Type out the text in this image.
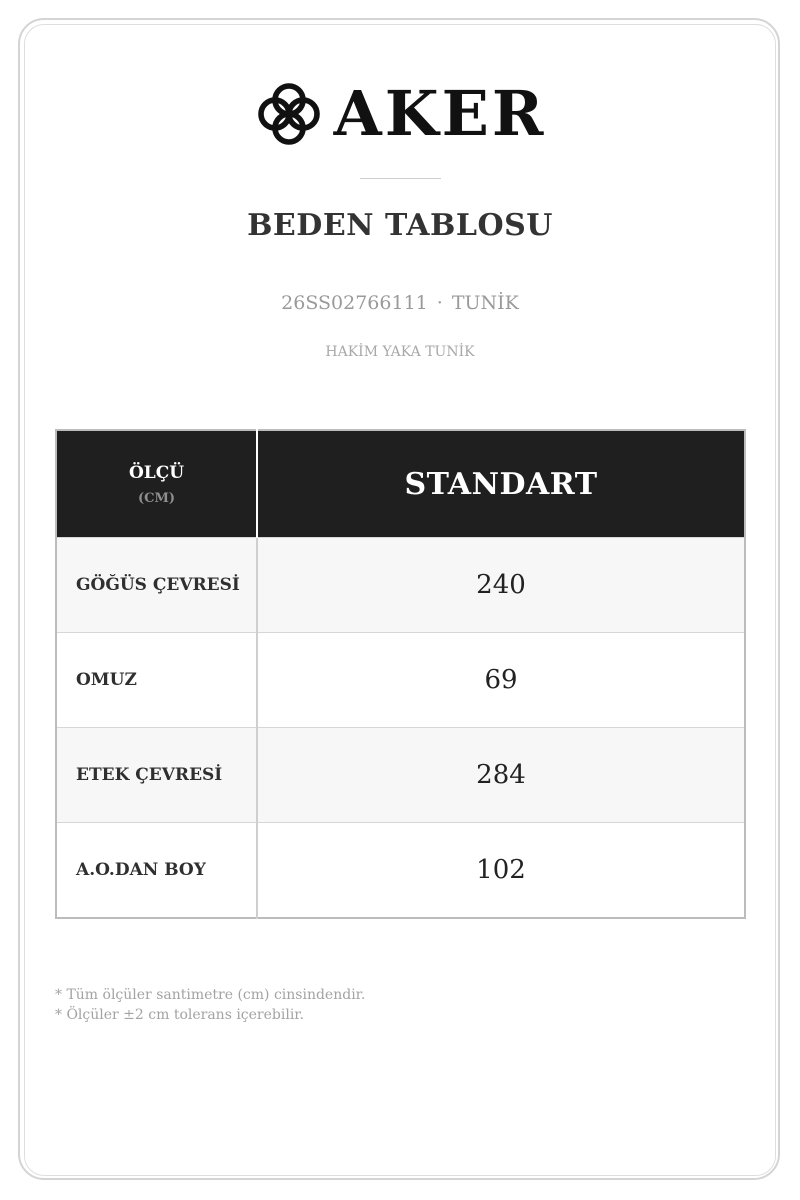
AKER
BEDEN TABLOSU
26SS02766111 · TUNİK
HAKİM YAKA TUNİK
ÖLÇÜ
(CM)	STANDART
GÖĞÜS ÇEVRESİ	240
OMUZ	69
ETEK ÇEVRESİ	284
A.O.DAN BOY	102
* Tüm ölçüler santimetre (cm) cinsindendir.
* Ölçüler ±2 cm tolerans içerebilir.
